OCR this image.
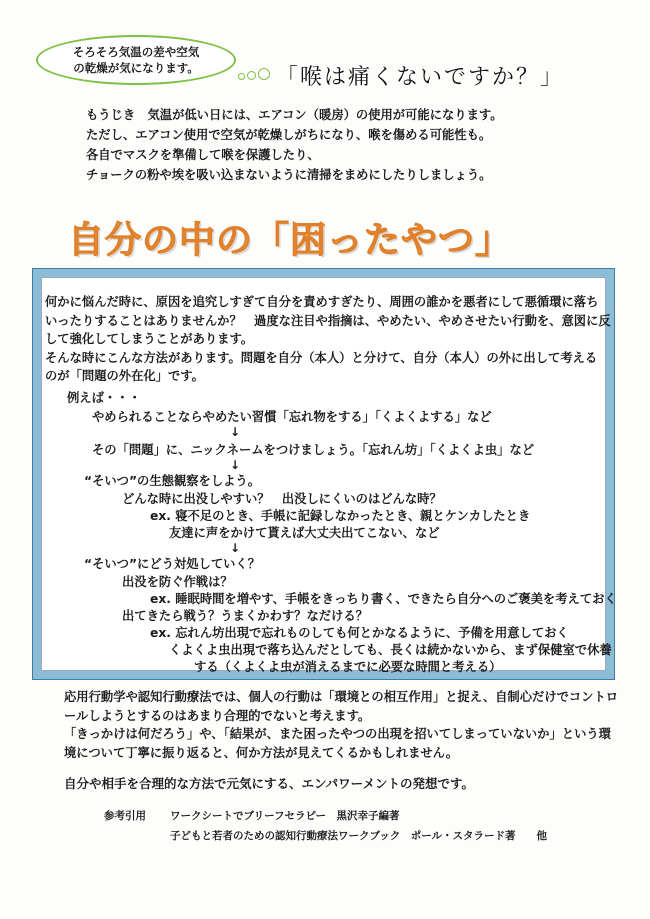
そろそろ気温の差や空気
の乾燥が気になります。	「喉は痛くないですか？」

もうじき　気温が低い日には、エアコン（暖房）の使用が可能になります。

ただし、エアコン使用で空気が乾燥しがちになり、喉を傷める可能性も。

各自でマスクを準備して喉を保護したり、

チョークの粉や埃を吸い込まないように清掃をまめにしたりしましょう。

自分の中の「困ったやつ」

何かに悩んだ時に、原因を追究しすぎて自分を責めすぎたり、周囲の誰かを悪者にして悪循環に落ち

いったりすることはありませんか？　過度な注目や指摘は、やめたい、やめさせたい行動を、意図に反

して強化してしまうことがあります。

そんな時にこんな方法があります。問題を自分（本人）と分けて、自分（本人）の外に出して考える

のが「問題の外在化」です。

例えば・・・
やめられることならやめたい習慣「忘れ物をする」「くよくよする」など
↓
その「問題」に、ニックネームをつけましょう。「忘れん坊」「くよくよ虫」など
↓
“そいつ”の生態観察をしよう。
どんな時に出没しやすい？　出没しにくいのはどんな時？
ex. 寝不足のとき、手帳に記録しなかったとき、親とケンカしたとき
友達に声をかけて貰えば大丈夫出てこない、など
↓
“そいつ”にどう対処していく？
出没を防ぐ作戦は？
ex. 睡眠時間を増やす、手帳をきっちり書く、できたら自分へのご褒美を考えておく
出てきたら戦う？うまくかわす？なだける？
ex. 忘れん坊出現で忘れものしても何とかなるように、予備を用意しておく
くよくよ虫出現で落ち込んだとしても、長くは続かないから、まず保健室で休養
する（くよくよ虫が消えるまでに必要な時間と考える）

応用行動学や認知行動療法では、個人の行動は「環境との相互作用」と捉え、自制心だけでコントロ

ールしようとするのはあまり合理的でないと考えます。

「きっかけは何だろう」や、「結果が、また困ったやつの出現を招いてしまっていないか」という環

境について丁寧に振り返ると、何か方法が見えてくるかもしれません。

自分や相手を合理的な方法で元気にする、エンパワーメントの発想です。
参考引用 ワークシートでブリーフセラピー　黒沢幸子編著
子どもと若者のための認知行動療法ワークブック　ポール・スタラード著　　他
